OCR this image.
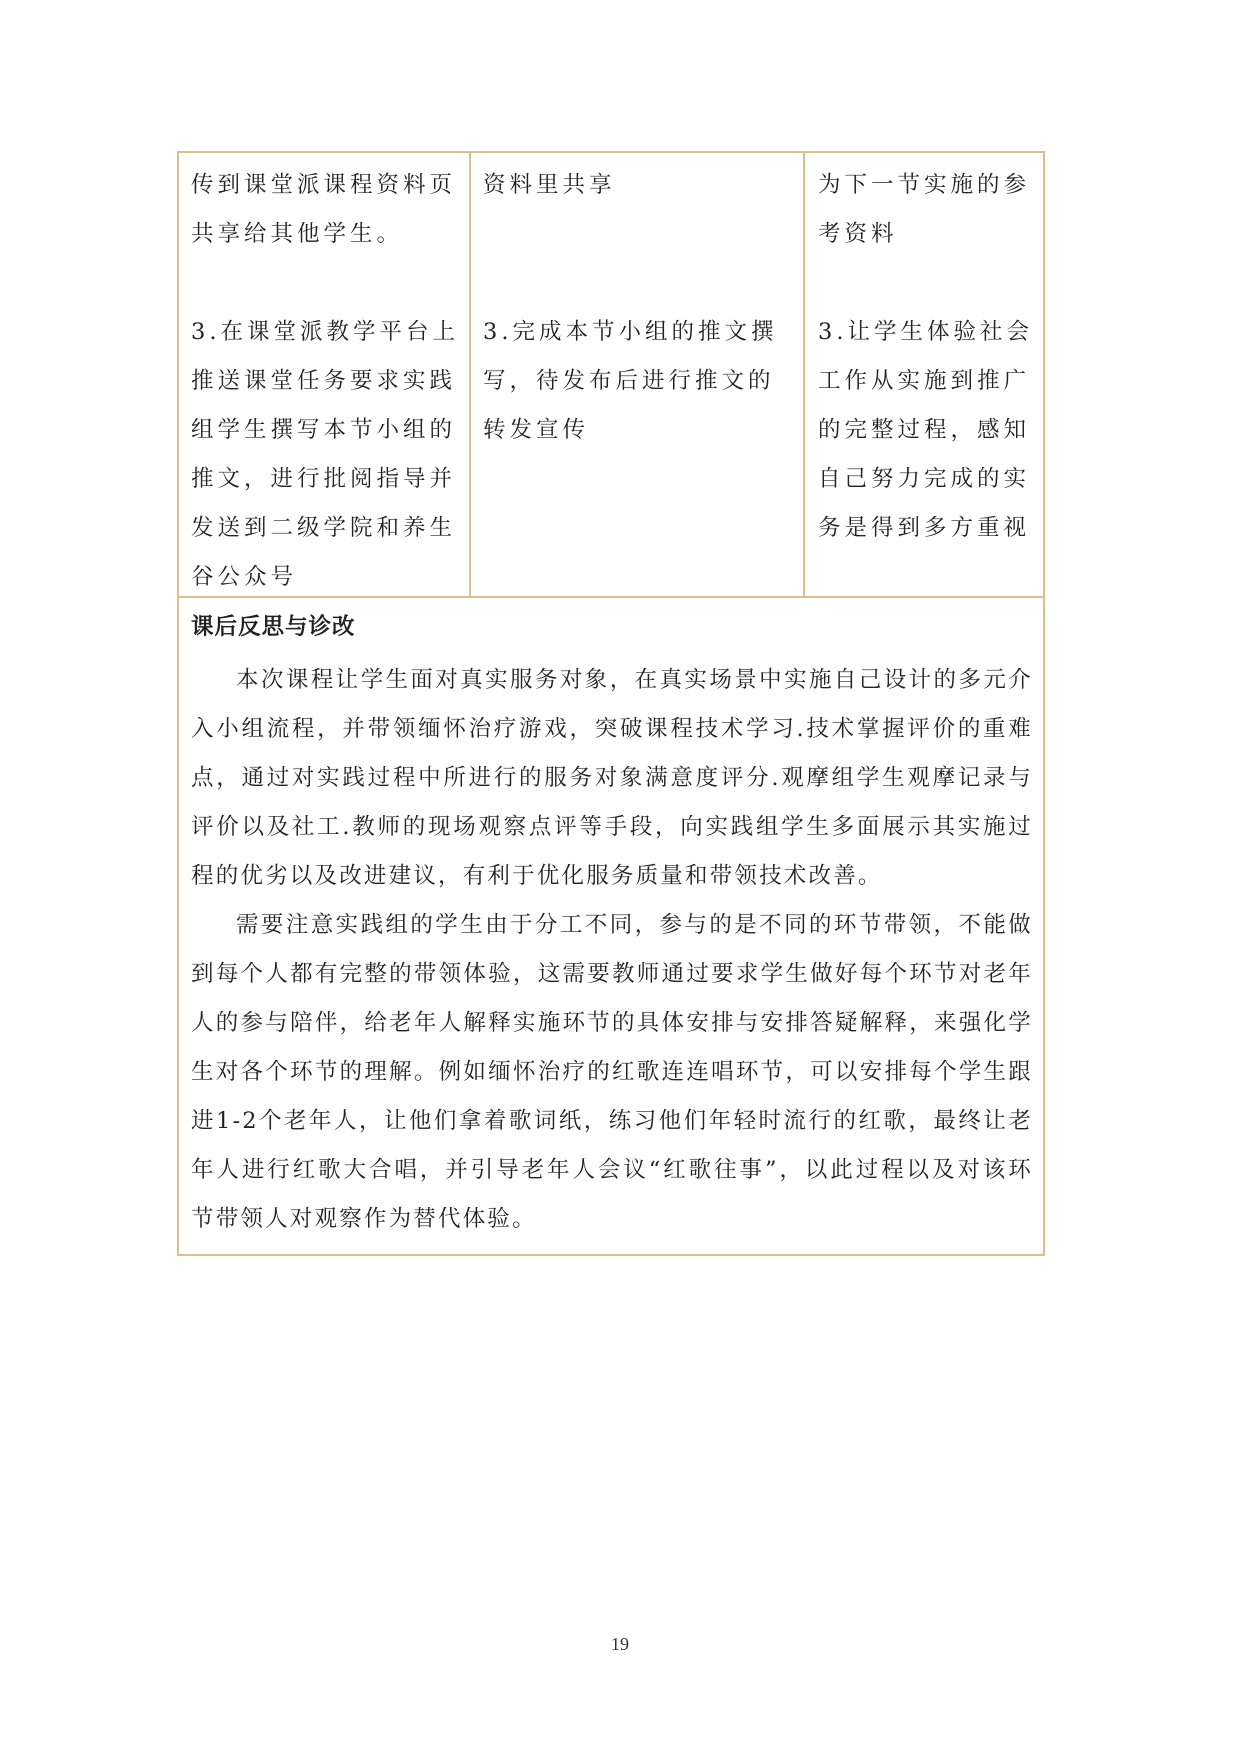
传到课堂派课程资料页共享给其他学生。

3.在课堂派教学平台上推送课堂任务要求实践组学生撰写本节小组的推文，进行批阅指导并发送到二级学院和养生谷公众号

资料里共享

3.完成本节小组的推文撰写，待发布后进行推文的转发宣传

为下一节实施的参考资料

3.让学生体验社会工作从实施到推广的完整过程，感知自己努力完成的实务是得到多方重视

课后反思与诊改

本次课程让学生面对真实服务对象，在真实场景中实施自己设计的多元介入小组流程，并带领缅怀治疗游戏，突破课程技术学习.技术掌握评价的重难点，通过对实践过程中所进行的服务对象满意度评分.观摩组学生观摩记录与评价以及社工.教师的现场观察点评等手段，向实践组学生多面展示其实施过程的优劣以及改进建议，有利于优化服务质量和带领技术改善。

需要注意实践组的学生由于分工不同，参与的是不同的环节带领，不能做到每个人都有完整的带领体验，这需要教师通过要求学生做好每个环节对老年人的参与陪伴，给老年人解释实施环节的具体安排与安排答疑解释，来强化学生对各个环节的理解。例如缅怀治疗的红歌连连唱环节，可以安排每个学生跟进1-2个老年人，让他们拿着歌词纸，练习他们年轻时流行的红歌，最终让老年人进行红歌大合唱，并引导老年人会议“红歌往事”，以此过程以及对该环节带领人对观察作为替代体验。

19
